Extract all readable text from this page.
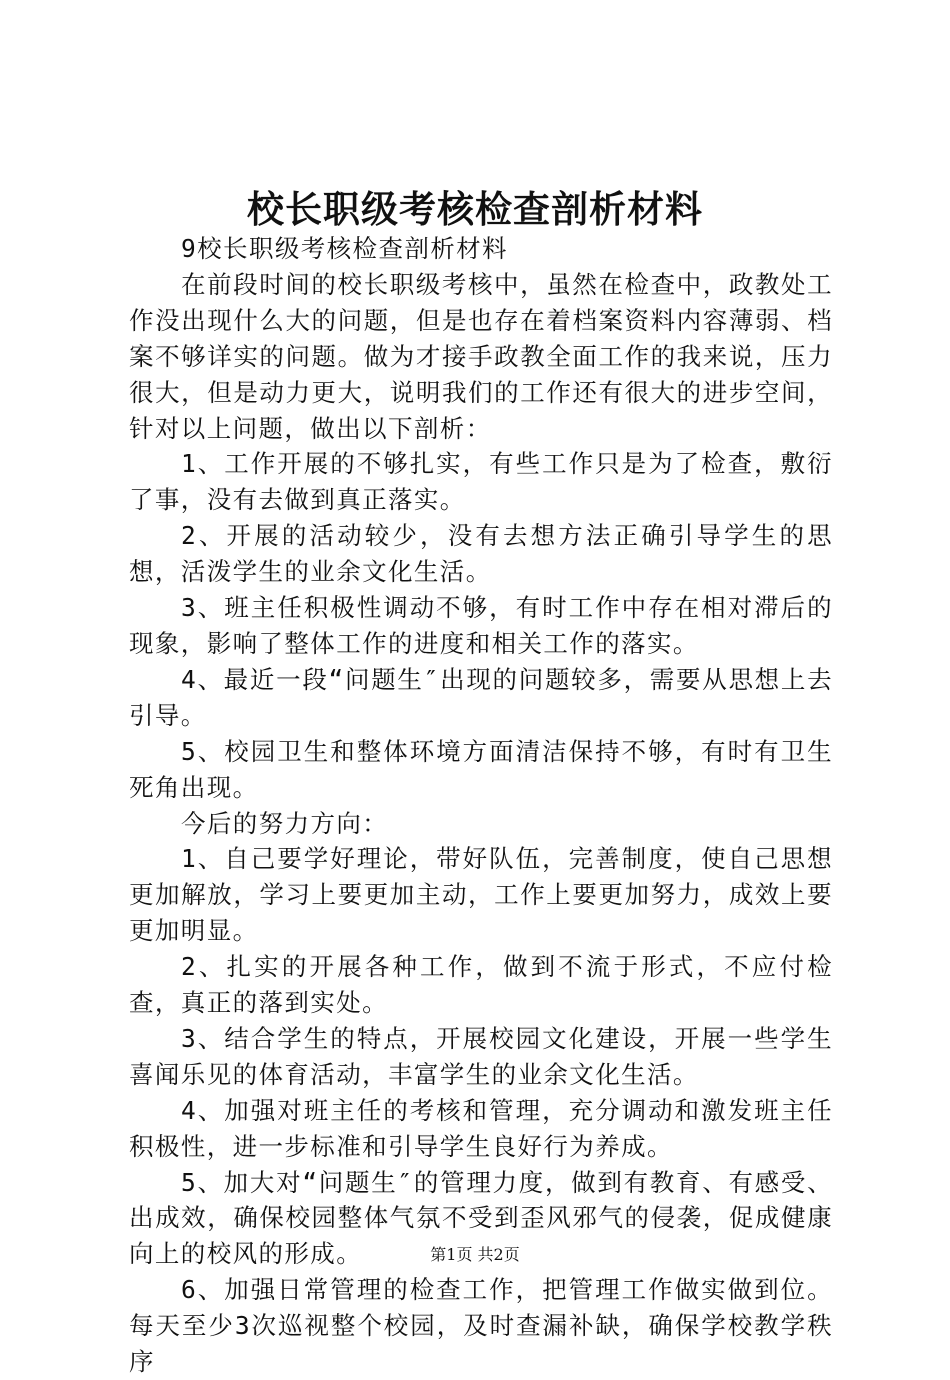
校长职级考核检查剖析材料

9校长职级考核检查剖析材料

在前段时间的校长职级考核中，虽然在检查中，政教处工作没出现什么大的问题，但是也存在着档案资料内容薄弱、档案不够详实的问题。做为才接手政教全面工作的我来说，压力很大，但是动力更大，说明我们的工作还有很大的进步空间，针对以上问题，做出以下剖析：

1、工作开展的不够扎实，有些工作只是为了检查，敷衍了事，没有去做到真正落实。

2、开展的活动较少，没有去想方法正确引导学生的思想，活泼学生的业余文化生活。

3、班主任积极性调动不够，有时工作中存在相对滞后的现象，影响了整体工作的进度和相关工作的落实。

4、最近一段“问题生″出现的问题较多，需要从思想上去引导。

5、校园卫生和整体环境方面清洁保持不够，有时有卫生死角出现。

今后的努力方向：

1、自己要学好理论，带好队伍，完善制度，使自己思想更加解放，学习上要更加主动，工作上要更加努力，成效上要更加明显。

2、扎实的开展各种工作，做到不流于形式，不应付检查，真正的落到实处。

3、结合学生的特点，开展校园文化建设，开展一些学生喜闻乐见的体育活动，丰富学生的业余文化生活。

4、加强对班主任的考核和管理，充分调动和激发班主任积极性，进一步标准和引导学生良好行为养成。

5、加大对“问题生″的管理力度，做到有教育、有感受、出成效，确保校园整体气氛不受到歪风邪气的侵袭，促成健康向上的校风的形成。

6、加强日常管理的检查工作，把管理工作做实做到位。每天至少3次巡视整个校园，及时查漏补缺，确保学校教学秩序

第1页 共2页
